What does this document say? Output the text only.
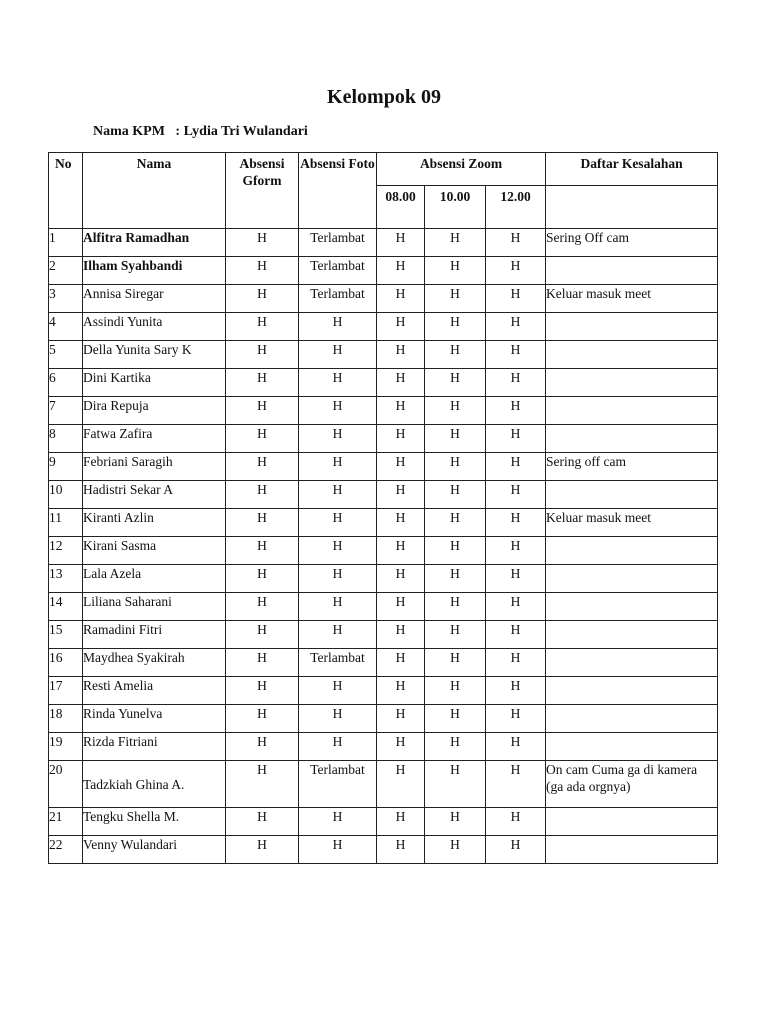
Kelompok 09
Nama KPM   : Lydia Tri Wulandari
No	Nama	Absensi Gform	Absensi Foto	Absensi Zoom			Daftar Kesalahan
				08.00	10.00	12.00	
1	Alfitra Ramadhan	H	Terlambat	H	H	H	Sering Off cam
2	Ilham Syahbandi	H	Terlambat	H	H	H	
3	Annisa Siregar	H	Terlambat	H	H	H	Keluar masuk meet
4	Assindi Yunita	H	H	H	H	H	
5	Della Yunita Sary K	H	H	H	H	H	
6	Dini Kartika	H	H	H	H	H	
7	Dira Repuja	H	H	H	H	H	
8	Fatwa Zafira	H	H	H	H	H	
9	Febriani Saragih	H	H	H	H	H	Sering off cam
10	Hadistri Sekar A	H	H	H	H	H	
11	Kiranti Azlin	H	H	H	H	H	Keluar masuk meet
12	Kirani Sasma	H	H	H	H	H	
13	Lala Azela	H	H	H	H	H	
14	Liliana Saharani	H	H	H	H	H	
15	Ramadini Fitri	H	H	H	H	H	
16	Maydhea Syakirah	H	Terlambat	H	H	H	
17	Resti Amelia	H	H	H	H	H	
18	Rinda Yunelva	H	H	H	H	H	
19	Rizda Fitriani	H	H	H	H	H	
20	Tadzkiah Ghina A.	H	Terlambat	H	H	H	On cam Cuma ga di kamera (ga ada orgnya)
21	Tengku Shella M.	H	H	H	H	H	
22	Venny Wulandari	H	H	H	H	H	
